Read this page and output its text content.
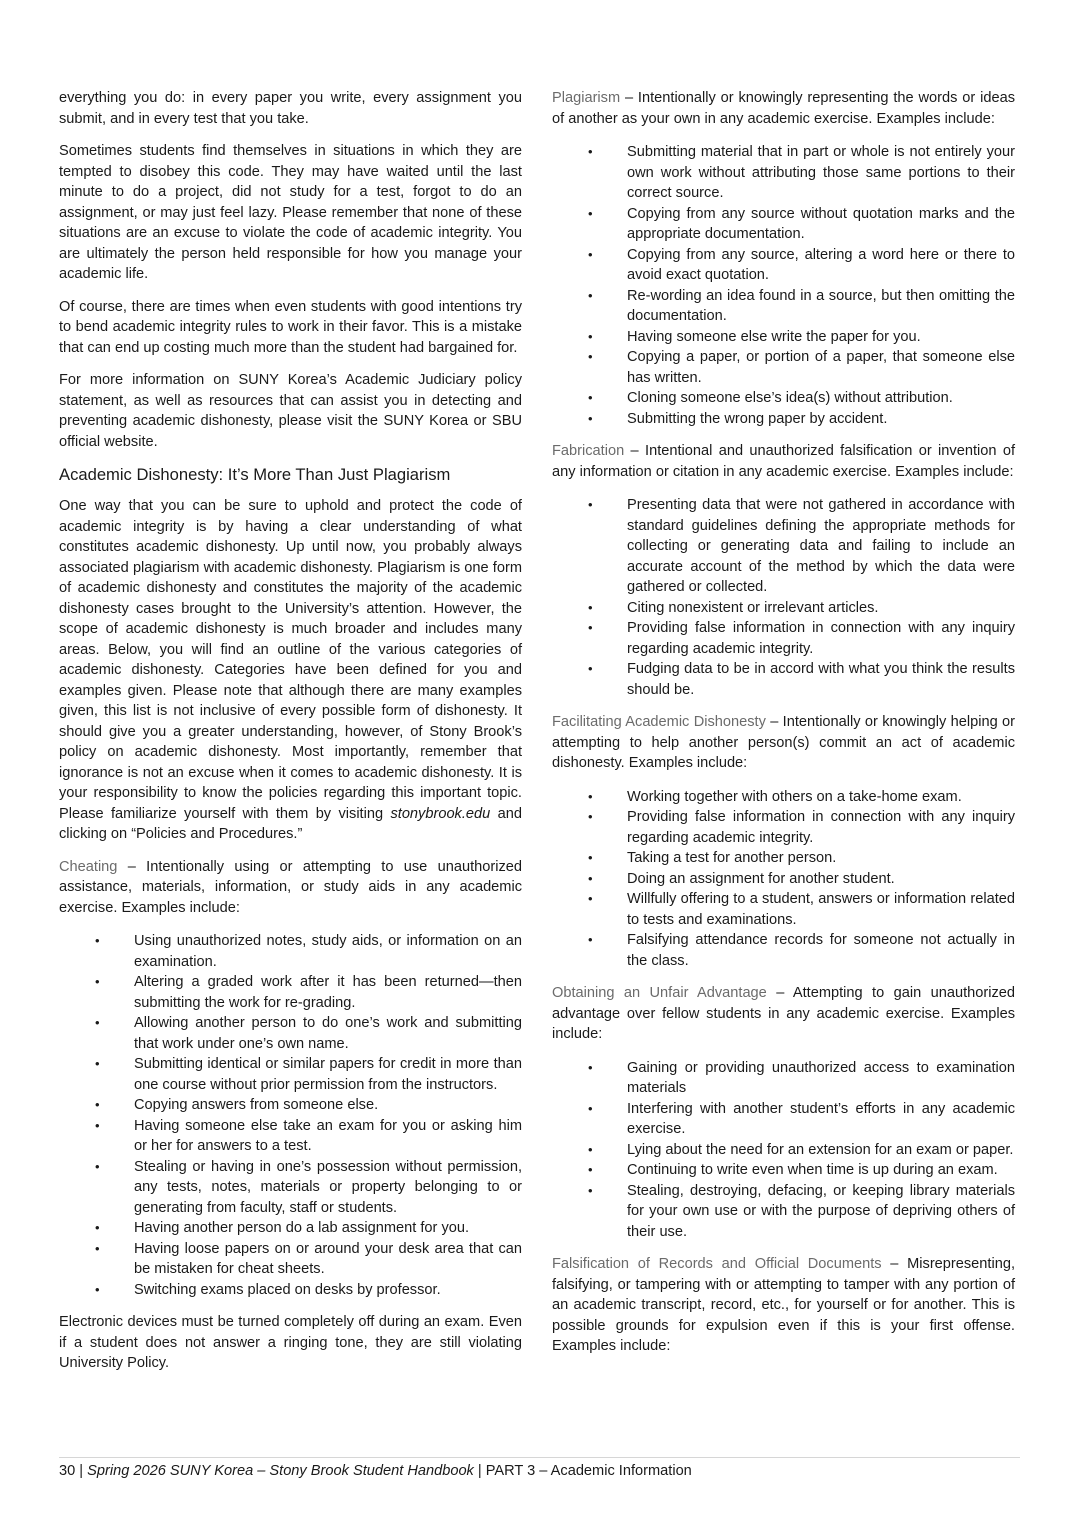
everything you do: in every paper you write, every assignment you submit, and in every test that you take.

Sometimes students find themselves in situations in which they are tempted to disobey this code. They may have waited until the last minute to do a project, did not study for a test, forgot to do an assignment, or may just feel lazy. Please remember that none of these situations are an excuse to violate the code of academic integrity. You are ultimately the person held responsible for how you manage your academic life.

Of course, there are times when even students with good intentions try to bend academic integrity rules to work in their favor. This is a mistake that can end up costing much more than the student had bargained for.

For more information on SUNY Korea’s Academic Judiciary policy statement, as well as resources that can assist you in detecting and preventing academic dishonesty, please visit the SUNY Korea or SBU official website.

Academic Dishonesty: It’s More Than Just Plagiarism

One way that you can be sure to uphold and protect the code of academic integrity is by having a clear understanding of what constitutes academic dishonesty. Up until now, you probably always associated plagiarism with academic dishonesty. Plagiarism is one form of academic dishonesty and constitutes the majority of the academic dishonesty cases brought to the University’s attention. However, the scope of academic dishonesty is much broader and includes many areas. Below, you will find an outline of the various categories of academic dishonesty. Categories have been defined for you and examples given. Please note that although there are many examples given, this list is not inclusive of every possible form of dishonesty. It should give you a greater understanding, however, of Stony Brook’s policy on academic dishonesty. Most importantly, remember that ignorance is not an excuse when it comes to academic dishonesty. It is your responsibility to know the policies regarding this important topic. Please familiarize yourself with them by visiting stonybrook.edu and clicking on “Policies and Procedures.”

Cheating – Intentionally using or attempting to use unauthorized assistance, materials, information, or study aids in any academic exercise. Examples include:

• Using unauthorized notes, study aids, or information on an examination.
• Altering a graded work after it has been returned—then submitting the work for re-grading.
• Allowing another person to do one’s work and submitting that work under one’s own name.
• Submitting identical or similar papers for credit in more than one course without prior permission from the instructors.
• Copying answers from someone else.
• Having someone else take an exam for you or asking him or her for answers to a test.
• Stealing or having in one’s possession without permission, any tests, notes, materials or property belonging to or generating from faculty, staff or students.
• Having another person do a lab assignment for you.
• Having loose papers on or around your desk area that can be mistaken for cheat sheets.
• Switching exams placed on desks by professor.

Electronic devices must be turned completely off during an exam. Even if a student does not answer a ringing tone, they are still violating University Policy.

Plagiarism – Intentionally or knowingly representing the words or ideas of another as your own in any academic exercise. Examples include:

• Submitting material that in part or whole is not entirely your own work without attributing those same portions to their correct source.
• Copying from any source without quotation marks and the appropriate documentation.
• Copying from any source, altering a word here or there to avoid exact quotation.
• Re-wording an idea found in a source, but then omitting the documentation.
• Having someone else write the paper for you.
• Copying a paper, or portion of a paper, that someone else has written.
• Cloning someone else’s idea(s) without attribution.
• Submitting the wrong paper by accident.

Fabrication – Intentional and unauthorized falsification or invention of any information or citation in any academic exercise. Examples include:

• Presenting data that were not gathered in accordance with standard guidelines defining the appropriate methods for collecting or generating data and failing to include an accurate account of the method by which the data were gathered or collected.
• Citing nonexistent or irrelevant articles.
• Providing false information in connection with any inquiry regarding academic integrity.
• Fudging data to be in accord with what you think the results should be.

Facilitating Academic Dishonesty – Intentionally or knowingly helping or attempting to help another person(s) commit an act of academic dishonesty. Examples include:

• Working together with others on a take-home exam.
• Providing false information in connection with any inquiry regarding academic integrity.
• Taking a test for another person.
• Doing an assignment for another student.
• Willfully offering to a student, answers or information related to tests and examinations.
• Falsifying attendance records for someone not actually in the class.

Obtaining an Unfair Advantage – Attempting to gain unauthorized advantage over fellow students in any academic exercise. Examples include:

• Gaining or providing unauthorized access to examination materials
• Interfering with another student’s efforts in any academic exercise.
• Lying about the need for an extension for an exam or paper.
• Continuing to write even when time is up during an exam.
• Stealing, destroying, defacing, or keeping library materials for your own use or with the purpose of depriving others of their use.

Falsification of Records and Official Documents – Misrepresenting, falsifying, or tampering with or attempting to tamper with any portion of an academic transcript, record, etc., for yourself or for another. This is possible grounds for expulsion even if this is your first offense. Examples include:

30 | Spring 2026 SUNY Korea – Stony Brook Student Handbook | PART 3 – Academic Information
